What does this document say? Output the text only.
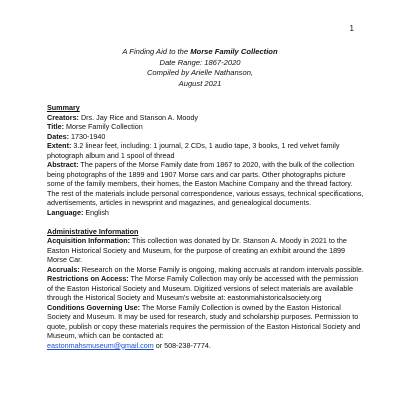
1
A Finding Aid to the Morse Family Collection
Date Range: 1867-2020
Compiled by Arielle Nathanson,
August 2021

Summary

Creators: Drs. Jay Rice and Stanson A. Moody

Title: Morse Family Collection

Dates: 1730-1940

Extent: 3.2 linear feet, including: 1 journal, 2 CDs, 1 audio tape, 3 books, 1 red velvet family photograph album and 1 spool of thread

Abstract: The papers of the Morse Family date from 1867 to 2020, with the bulk of the collection being photographs of the 1899 and 1907 Morse cars and car parts. Other photographs picture some of the family members, their homes, the Easton Machine Company and the thread factory. The rest of the materials include personal correspondence, various essays, technical specifications, advertisements, articles in newsprint and magazines, and genealogical documents.

Language: English

Administrative Information

Acquisition Information: This collection was donated by Dr. Stanson A. Moody in 2021 to the Easton Historical Society and Museum, for the purpose of creating an exhibit around the 1899 Morse Car.

Accruals: Research on the Morse Family is ongoing, making accruals at random intervals possible.

Restrictions on Access: The Morse Family Collection may only be accessed with the permission of the Easton Historical Society and Museum. Digitized versions of select materials are available through the Historical Society and Museum's website at: eastonmahistoricalsociety.org

Conditions Governing Use: The Morse Family Collection is owned by the Easton Historical Society and Museum. It may be used for research, study and scholarship purposes. Permission to quote, publish or copy these materials requires the permission of the Easton Historical Society and Museum, which can be contacted at:

eastonmahsmuseum@gmail.com or 508-238-7774.
